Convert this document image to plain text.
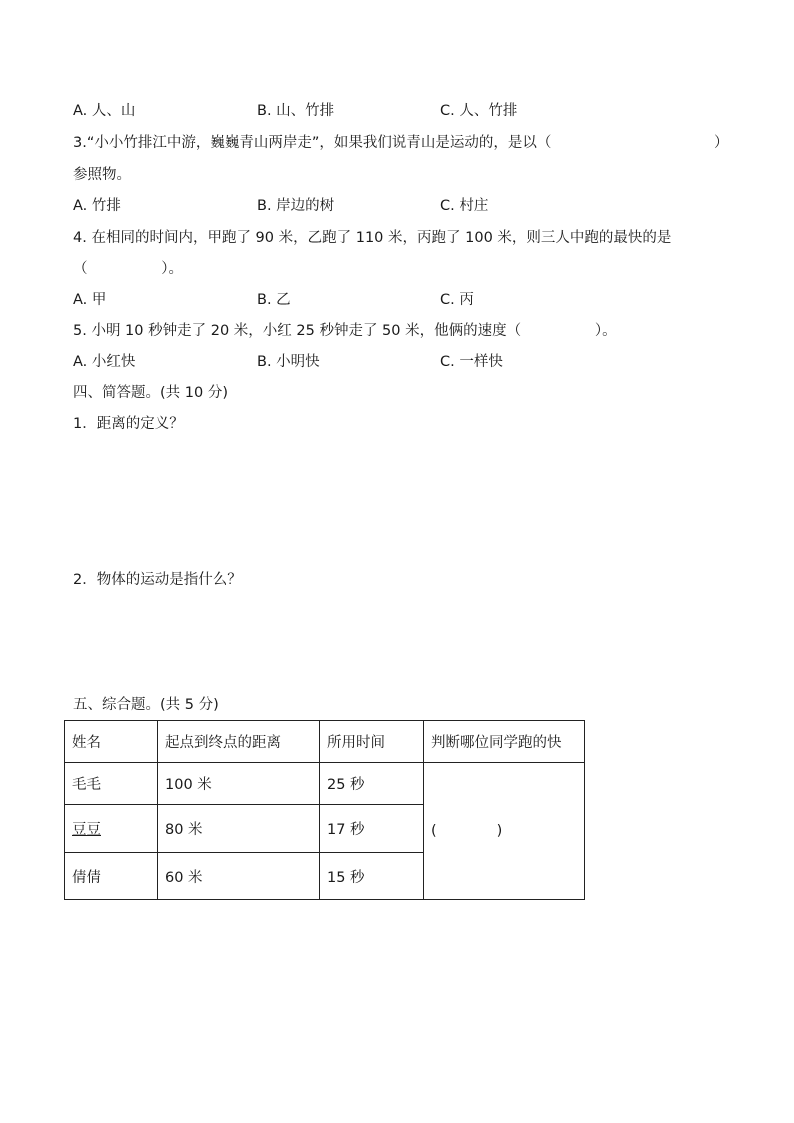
A. 人、山	B. 山、竹排	C. 人、竹排
3.“小小竹排江中游，巍巍青山两岸走”，如果我们说青山是运动的，是以（	）
参照物。
A. 竹排	B. 岸边的树	C. 村庄
4. 在相同的时间内，甲跑了 90 米，乙跑了 110 米，丙跑了 100 米，则三人中跑的最快的是
（                ）。
A. 甲	B. 乙	C. 丙
5. 小明 10 秒钟走了 20 米，小红 25 秒钟走了 50 米，他俩的速度（                ）。
A. 小红快	B. 小明快	C. 一样快
四、简答题。(共 10 分)
1．距离的定义？
2．物体的运动是指什么？
五、综合题。(共 5 分)
姓名	起点到终点的距离	所用时间	判断哪位同学跑的快
毛毛	100 米	25 秒	(             )
豆豆	80 米	17 秒	
倩倩	60 米	15 秒	
